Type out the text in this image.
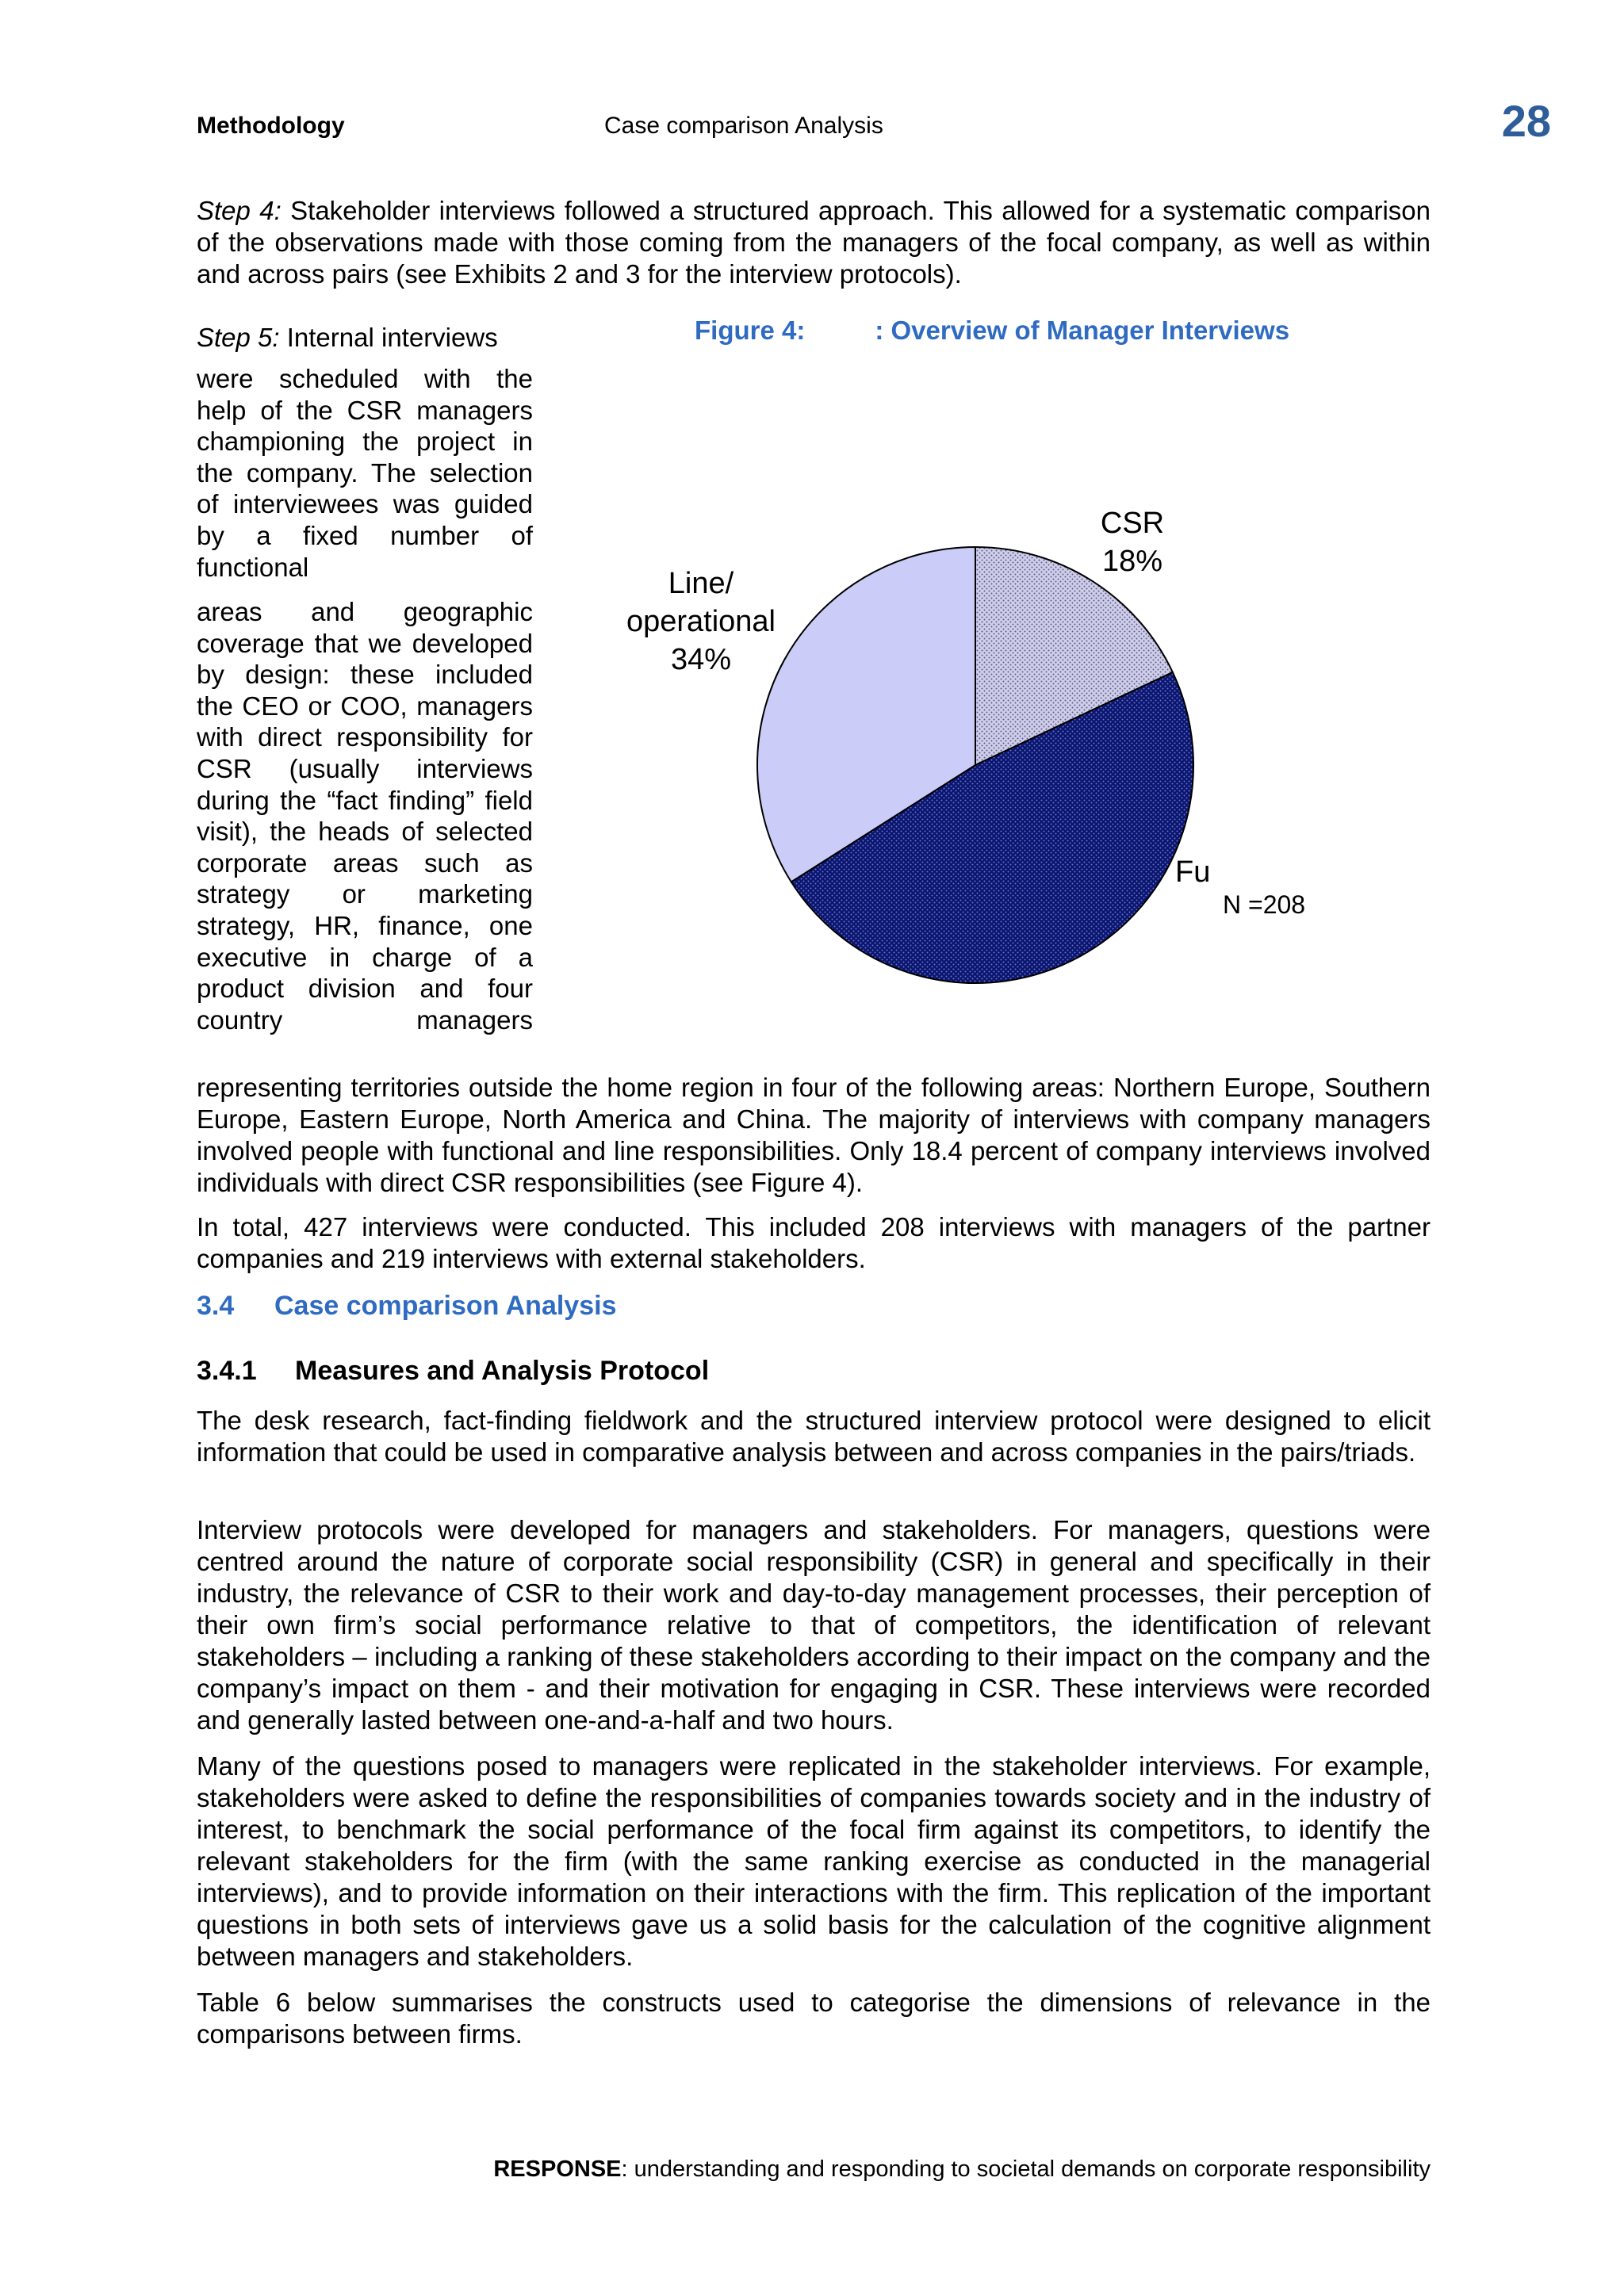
Methodology	Case comparison Analysis	28

Step 4: Stakeholder interviews followed a structured approach. This allowed for a systematic comparison of the observations made with those coming from the managers of the focal company, as well as within and across pairs (see Exhibits 2 and 3 for the interview protocols).

Step 5: Internal interviews

were scheduled with the help of the CSR managers championing the project in the company. The selection of interviewees was guided by a fixed number of functional

areas and geographic coverage that we developed by design: these included the CEO or COO, managers with direct responsibility for CSR (usually interviews during the “fact finding” field visit), the heads of selected corporate areas such as strategy or marketing strategy, HR, finance, one executive in charge of a product division and four country managers

Figure 4:	: Overview of Manager Interviews
CSR
18%
Fu
Line/
operational
34%
N =208

representing territories outside the home region in four of the following areas: Northern Europe, Southern Europe, Eastern Europe, North America and China. The majority of interviews with company managers involved people with functional and line responsibilities. Only 18.4 percent of company interviews involved individuals with direct CSR responsibilities (see Figure 4).

In total, 427 interviews were conducted. This included 208 interviews with managers of the partner companies and 219 interviews with external stakeholders.

3.4 Case comparison Analysis
3.4.1 Measures and Analysis Protocol

The desk research, fact-finding fieldwork and the structured interview protocol were designed to elicit information that could be used in comparative analysis between and across companies in the pairs/triads.

Interview protocols were developed for managers and stakeholders. For managers, questions were centred around the nature of corporate social responsibility (CSR) in general and specifically in their industry, the relevance of CSR to their work and day-to-day management processes, their perception of their own firm’s social performance relative to that of competitors, the identification of relevant stakeholders – including a ranking of these stakeholders according to their impact on the company and the company’s impact on them - and their motivation for engaging in CSR. These interviews were recorded and generally lasted between one-and-a-half and two hours.

Many of the questions posed to managers were replicated in the stakeholder interviews. For example, stakeholders were asked to define the responsibilities of companies towards society and in the industry of interest, to benchmark the social performance of the focal firm against its competitors, to identify the relevant stakeholders for the firm (with the same ranking exercise as conducted in the managerial interviews), and to provide information on their interactions with the firm. This replication of the important questions in both sets of interviews gave us a solid basis for the calculation of the cognitive alignment between managers and stakeholders.

Table 6 below summarises the constructs used to categorise the dimensions of relevance in the comparisons between firms.

RESPONSE: understanding and responding to societal demands on corporate responsibility
